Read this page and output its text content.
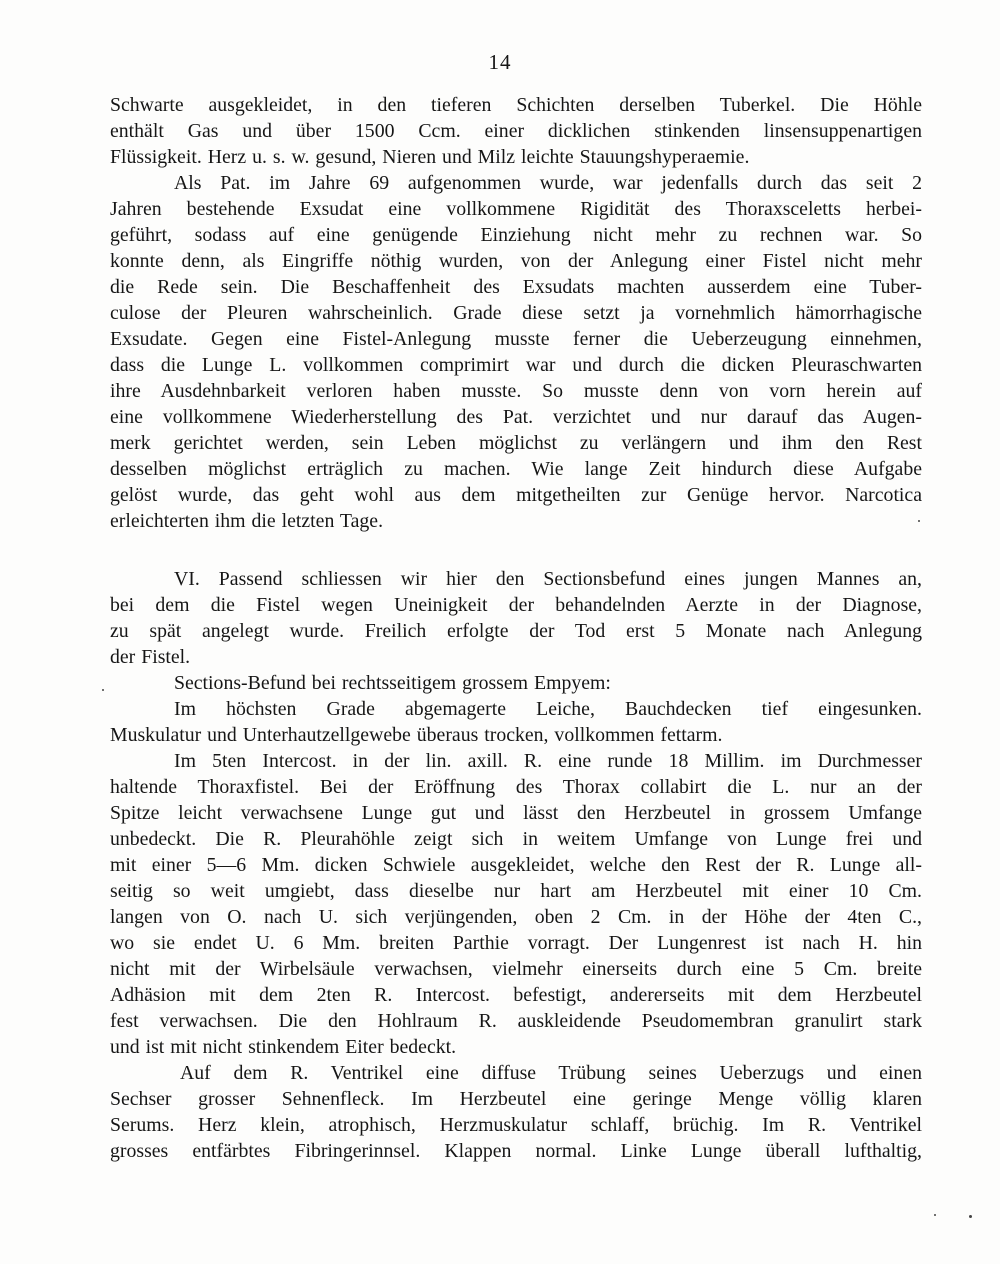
14

Schwarte ausgekleidet, in den tieferen Schichten derselben Tuberkel. Die Höhle

enthält Gas und über 1500 Ccm. einer dicklichen stinkenden linsensuppenartigen

Flüssigkeit. Herz u. s. w. gesund, Nieren und Milz leichte Stauungshyperaemie.

Als Pat. im Jahre 69 aufgenommen wurde, war jedenfalls durch das seit 2

Jahren bestehende Exsudat eine vollkommene Rigidität des Thoraxsceletts herbei-

geführt, sodass auf eine genügende Einziehung nicht mehr zu rechnen war. So

konnte denn, als Eingriffe nöthig wurden, von der Anlegung einer Fistel nicht mehr

die Rede sein. Die Beschaffenheit des Exsudats machten ausserdem eine Tuber-

culose der Pleuren wahrscheinlich. Grade diese setzt ja vornehmlich hämorrhagische

Exsudate. Gegen eine Fistel-Anlegung musste ferner die Ueberzeugung einnehmen,

dass die Lunge L. vollkommen comprimirt war und durch die dicken Pleuraschwarten

ihre Ausdehnbarkeit verloren haben musste. So musste denn von vorn herein auf

eine vollkommene Wiederherstellung des Pat. verzichtet und nur darauf das Augen-

merk gerichtet werden, sein Leben möglichst zu verlängern und ihm den Rest

desselben möglichst erträglich zu machen. Wie lange Zeit hindurch diese Aufgabe

gelöst wurde, das geht wohl aus dem mitgetheilten zur Genüge hervor. Narcotica

erleichterten ihm die letzten Tage.

VI. Passend schliessen wir hier den Sectionsbefund eines jungen Mannes an,

bei dem die Fistel wegen Uneinigkeit der behandelnden Aerzte in der Diagnose,

zu spät angelegt wurde. Freilich erfolgte der Tod erst 5 Monate nach Anlegung

der Fistel.

Sections-Befund bei rechtsseitigem grossem Empyem:

Im höchsten Grade abgemagerte Leiche, Bauchdecken tief eingesunken.

Muskulatur und Unterhautzellgewebe überaus trocken, vollkommen fettarm.

Im 5ten Intercost. in der lin. axill. R. eine runde 18 Millim. im Durchmesser

haltende Thoraxfistel. Bei der Eröffnung des Thorax collabirt die L. nur an der

Spitze leicht verwachsene Lunge gut und lässt den Herzbeutel in grossem Umfange

unbedeckt. Die R. Pleurahöhle zeigt sich in weitem Umfange von Lunge frei und

mit einer 5—6 Mm. dicken Schwiele ausgekleidet, welche den Rest der R. Lunge all-

seitig so weit umgiebt, dass dieselbe nur hart am Herzbeutel mit einer 10 Cm.

langen von O. nach U. sich verjüngenden, oben 2 Cm. in der Höhe der 4ten C.,

wo sie endet U. 6 Mm. breiten Parthie vorragt. Der Lungenrest ist nach H. hin

nicht mit der Wirbelsäule verwachsen, vielmehr einerseits durch eine 5 Cm. breite

Adhäsion mit dem 2ten R. Intercost. befestigt, andererseits mit dem Herzbeutel

fest verwachsen. Die den Hohlraum R. auskleidende Pseudomembran granulirt stark

und ist mit nicht stinkendem Eiter bedeckt.

Auf dem R. Ventrikel eine diffuse Trübung seines Ueberzugs und einen

Sechser grosser Sehnenfleck. Im Herzbeutel eine geringe Menge völlig klaren

Serums. Herz klein, atrophisch, Herzmuskulatur schlaff, brüchig. Im R. Ventrikel

grosses entfärbtes Fibringerinnsel. Klappen normal. Linke Lunge überall lufthaltig,
